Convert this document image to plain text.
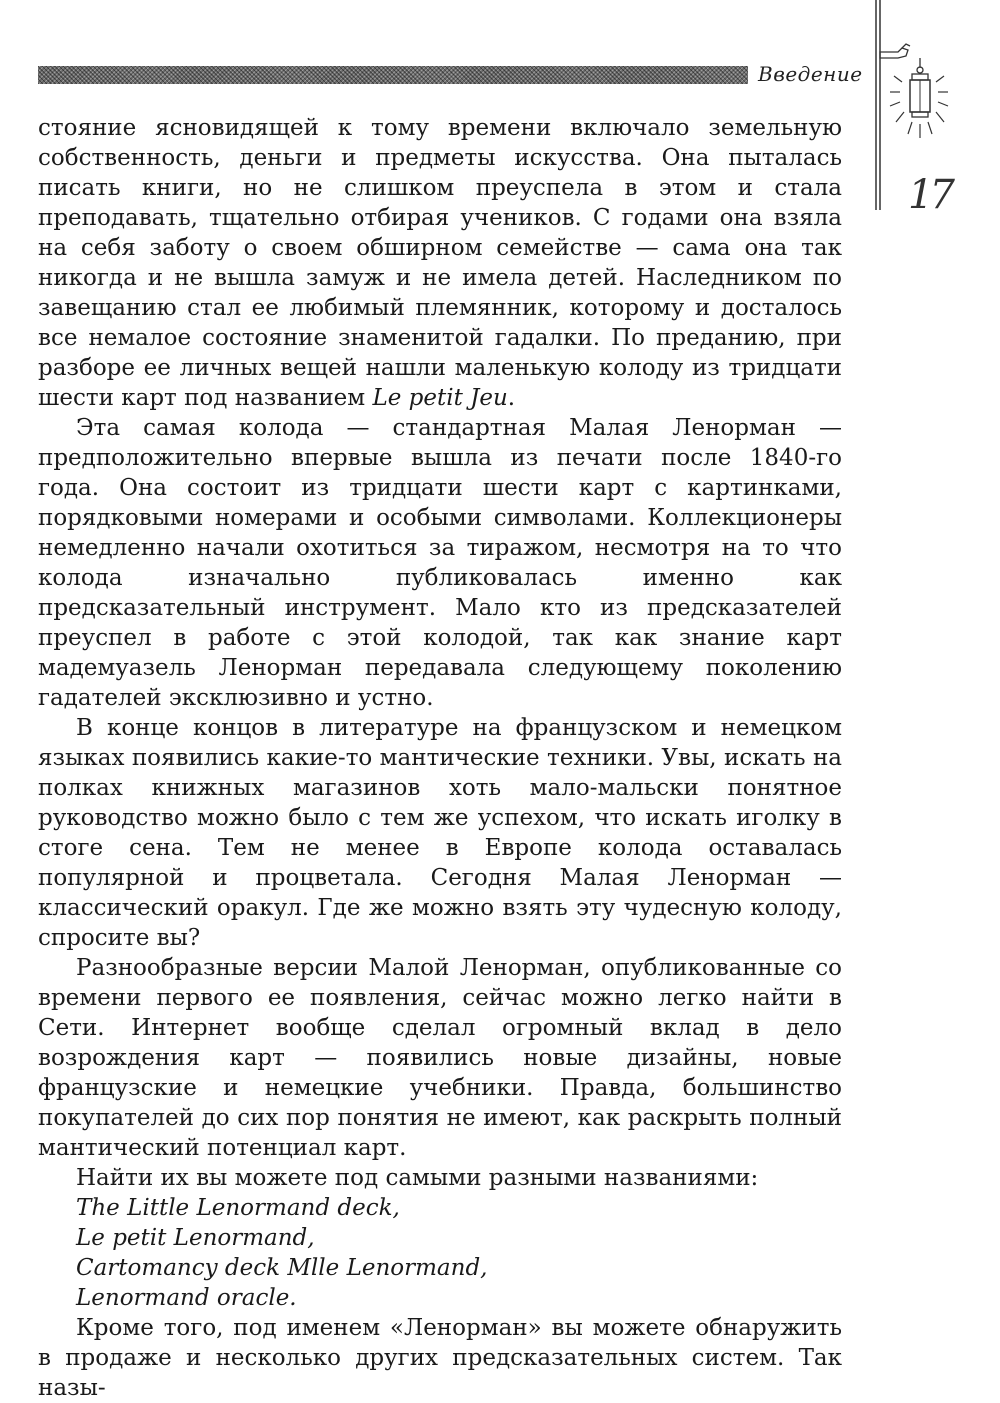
Введение
17

стояние ясновидящей к тому времени включало земельную собственность, деньги и предметы искусства. Она пыталась писать книги, но не слишком преуспела в этом и стала преподавать, тщательно отбирая учеников. С годами она взяла на себя заботу о своем обширном семействе — сама она так никогда и не вышла замуж и не имела детей. Наследником по завещанию стал ее любимый племянник, которому и досталось все немалое состояние знаменитой гадалки. По преданию, при разборе ее личных вещей нашли маленькую колоду из тридцати шести карт под названием Le petit Jeu.

Эта самая колода — стандартная Малая Ленорман — предположительно впервые вышла из печати после 1840-го года. Она состоит из тридцати шести карт с картинками, порядковыми номерами и особыми символами. Коллекционеры немедленно начали охотиться за тиражом, несмотря на то что колода изначально публиковалась именно как предсказательный инструмент. Мало кто из предсказателей преуспел в работе с этой колодой, так как знание карт мадемуазель Ленорман передавала следующему поколению гадателей эксклюзивно и устно.

В конце концов в литературе на французском и немецком языках появились какие-то мантические техники. Увы, искать на полках книжных магазинов хоть мало-мальски понятное руководство можно было с тем же успехом, что искать иголку в стоге сена. Тем не менее в Европе колода оставалась популярной и процветала. Сегодня Малая Ленорман — классический оракул. Где же можно взять эту чудесную колоду, спросите вы?

Разнообразные версии Малой Ленорман, опубликованные со времени первого ее появления, сейчас можно легко найти в Сети. Интернет вообще сделал огромный вклад в дело возрождения карт — появились новые дизайны, новые французские и немецкие учебники. Правда, большинство покупателей до сих пор понятия не имеют, как раскрыть полный мантический потенциал карт.

Найти их вы можете под самыми разными названиями:
The Little Lenormand deck,
Le petit Lenormand,
Cartomancy deck Mlle Lenormand,
Lenormand oracle.

Кроме того, под именем «Ленорман» вы можете обнаружить в продаже и несколько других предсказательных систем. Так назы-
